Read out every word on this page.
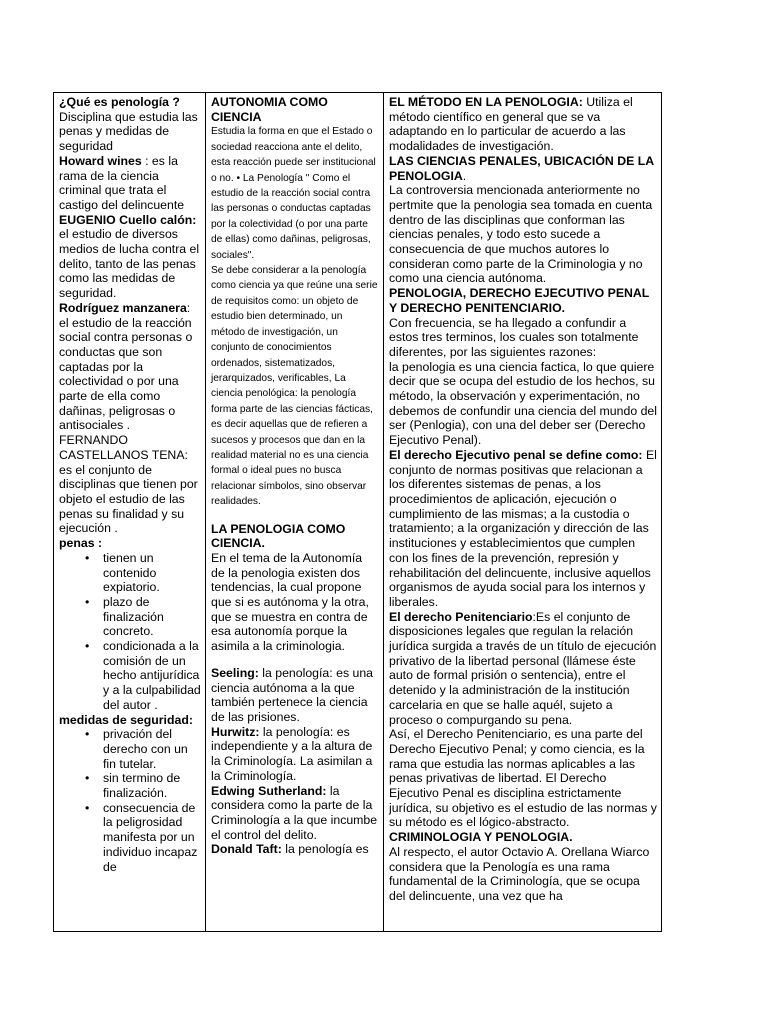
¿Qué es penología ?

Disciplina que estudia las penas y medidas de seguridad

Howard wines : es la rama de la ciencia criminal que trata el castigo del delincuente

EUGENIO Cuello calón: el estudio de diversos medios de lucha contra el delito, tanto de las penas como las medidas de seguridad.

Rodríguez manzanera: el estudio de la reacción social contra personas o conductas que son captadas por la colectividad o por una parte de ella como dañinas, peligrosas o antisociales .

FERNANDO CASTELLANOS TENA: es el conjunto de disciplinas que tienen por objeto el estudio de las penas su finalidad y su ejecución .

penas :

• tienen un contenido expiatorio.
• plazo de finalización concreto.
• condicionada a la comisión de un hecho antijurídica y a la culpabilidad del autor .

medidas de seguridad:

• privación del derecho con un fin tutelar.
• sin termino de finalización.
• consecuencia de la peligrosidad manifesta por un individuo incapaz de

AUTONOMIA COMO CIENCIA

Estudia la forma en que el Estado o sociedad reacciona ante el delito, esta reacción puede ser institucional o no. • La Penología " Como el estudio de la reacción social contra las personas o conductas captadas por la colectividad (o por una parte de ellas) como dañinas, peligrosas, sociales".

Se debe considerar a la penología como ciencia ya que reúne una serie de requisitos como: un objeto de estudio bien determinado, un método de investigación, un conjunto de conocimientos ordenados, sistematizados, jerarquizados, verificables, La ciencia penológica: la penología forma parte de las ciencias fácticas, es decir aquellas que de refieren a sucesos y procesos que dan en la realidad material no es una ciencia formal o ideal pues no busca relacionar símbolos, sino observar realidades.

LA PENOLOGIA COMO CIENCIA.

En el tema de la Autonomía de la penologia existen dos tendencias, la cual propone que si es autónoma y la otra, que se muestra en contra de esa autonomía porque la asimila a la criminologia.

Seeling: la penología: es una ciencia autónoma a la que también pertenece la ciencia de las prisiones.

Hurwitz: la penología: es independiente y a la altura de la Criminología. La asimilan a la Criminología.

Edwing Sutherland: la considera como la parte de la Criminología a la que incumbe el control del delito.

Donald Taft: la penología es

EL MÉTODO EN LA PENOLOGIA: Utiliza el método científico en general que se va adaptando en lo particular de acuerdo a las modalidades de investigación.

LAS CIENCIAS PENALES, UBICACIÓN DE LA PENOLOGIA.

La controversia mencionada anteriormente no pertmite que la penologia sea tomada en cuenta dentro de las disciplinas que conforman las ciencias penales, y todo esto sucede a consecuencia de que muchos autores lo consideran como parte de la Criminologia y no como una ciencia autónoma.

PENOLOGIA, DERECHO EJECUTIVO PENAL Y DERECHO PENITENCIARIO.

Con frecuencia, se ha llegado a confundir a estos tres terminos, los cuales son totalmente diferentes, por las siguientes razones:

la penologia es una ciencia factica, lo que quiere decir que se ocupa del estudio de los hechos, su método, la observación y experimentación, no debemos de confundir una ciencia del mundo del ser (Penlogia), con una del deber ser (Derecho Ejecutivo Penal).

El derecho Ejecutivo penal se define como: El conjunto de normas positivas que relacionan a los diferentes sistemas de penas, a los procedimientos de aplicación, ejecución o cumplimiento de las mismas; a la custodia o tratamiento; a la organización y dirección de las instituciones y establecimientos que cumplen con los fines de la prevención, represión y rehabilitación del delincuente, inclusive aquellos organismos de ayuda social para los internos y liberales.

El derecho Penitenciario:Es el conjunto de disposiciones legales que regulan la relación jurídica surgida a través de un título de ejecución privativo de la libertad personal (llámese éste auto de formal prisión o sentencia), entre el detenido y la administración de la institución carcelaria en que se halle aquél, sujeto a proceso o compurgando su pena.

Así, el Derecho Penitenciario, es una parte del Derecho Ejecutivo Penal; y como ciencia, es la rama que estudia las normas aplicables a las penas privativas de libertad. El Derecho Ejecutivo Penal es disciplina estrictamente jurídica, su objetivo es el estudio de las normas y su método es el lógico-abstracto.

CRIMINOLOGIA Y PENOLOGIA.

Al respecto, el autor Octavio A. Orellana Wiarco considera que la Penología es una rama fundamental de la Criminología, que se ocupa del delincuente, una vez que ha
